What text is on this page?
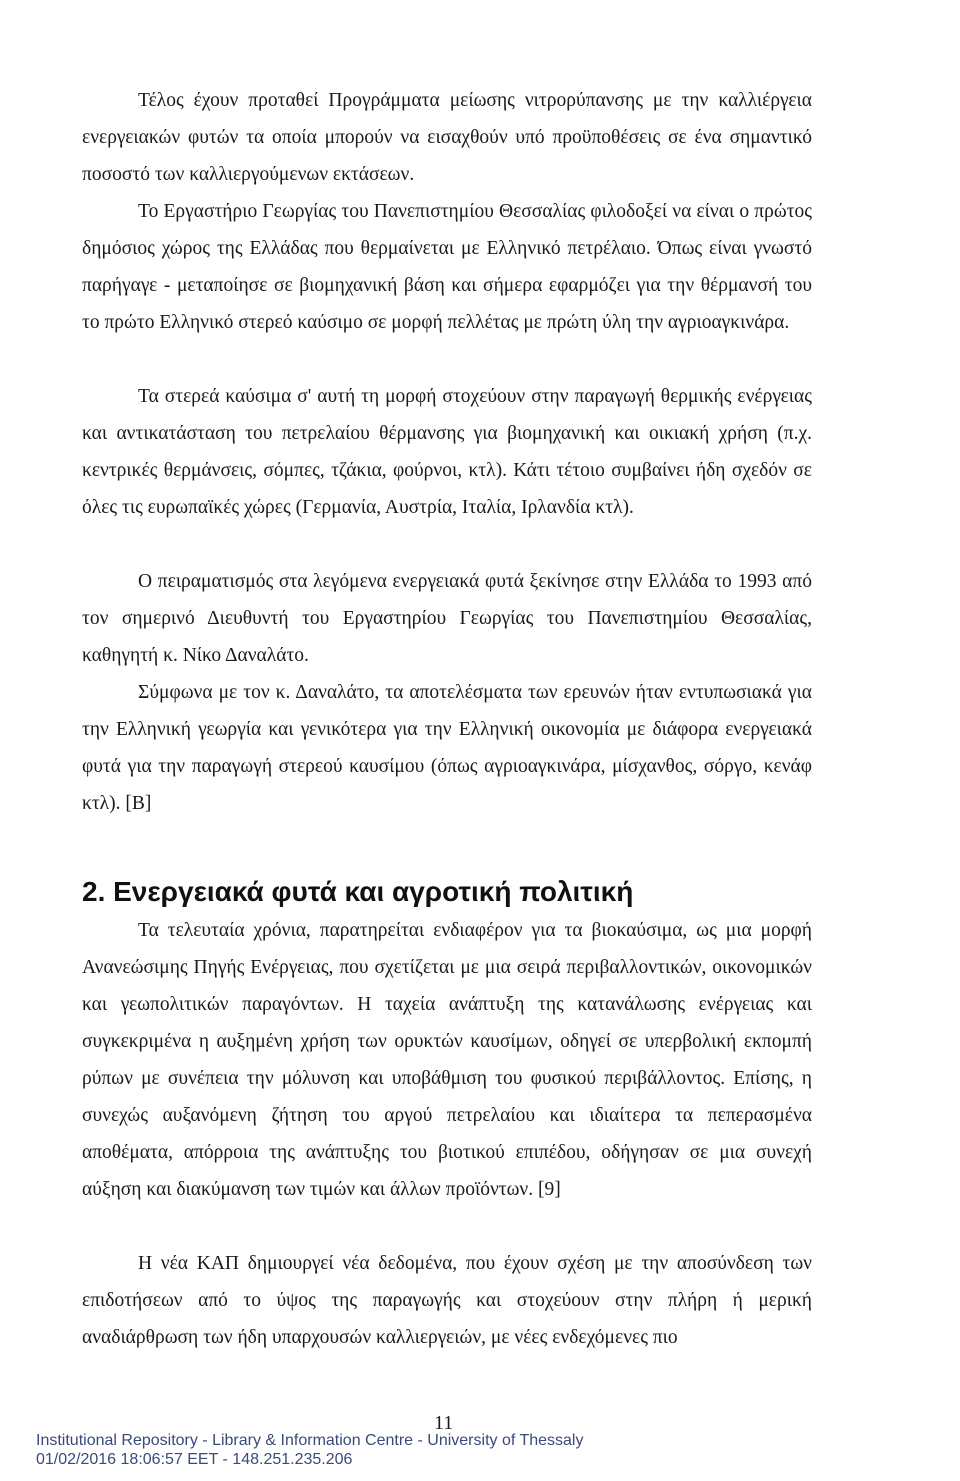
Τέλος έχουν προταθεί Προγράμματα μείωσης νιτρορύπανσης με την καλλιέργεια ενεργειακών φυτών τα οποία μπορούν να εισαχθούν υπό προϋποθέσεις σε ένα σημαντικό ποσοστό των καλλιεργούμενων εκτάσεων.

Το Εργαστήριο Γεωργίας του Πανεπιστημίου Θεσσαλίας φιλοδοξεί να είναι ο πρώτος δημόσιος χώρος της Ελλάδας που θερμαίνεται με Ελληνικό πετρέλαιο. Όπως είναι γνωστό παρήγαγε - μεταποίησε σε βιομηχανική βάση και σήμερα εφαρμόζει για την θέρμανσή του το πρώτο Ελληνικό στερεό καύσιμο σε μορφή πελλέτας με πρώτη ύλη την αγριοαγκινάρα.

Τα στερεά καύσιμα σ' αυτή τη μορφή στοχεύουν στην παραγωγή θερμικής ενέργειας και αντικατάσταση του πετρελαίου θέρμανσης για βιομηχανική και οικιακή χρήση (π.χ. κεντρικές θερμάνσεις, σόμπες, τζάκια, φούρνοι, κτλ). Κάτι τέτοιο συμβαίνει ήδη σχεδόν σε όλες τις ευρωπαϊκές χώρες (Γερμανία, Αυστρία, Ιταλία, Ιρλανδία κτλ).

Ο πειραματισμός στα λεγόμενα ενεργειακά φυτά ξεκίνησε στην Ελλάδα το 1993 από τον σημερινό Διευθυντή του Εργαστηρίου Γεωργίας του Πανεπιστημίου Θεσσαλίας, καθηγητή κ. Νίκο Δαναλάτο.

Σύμφωνα με τον κ. Δαναλάτο, τα αποτελέσματα των ερευνών ήταν εντυπωσιακά για την Ελληνική γεωργία και γενικότερα για την Ελληνική οικονομία με διάφορα ενεργειακά φυτά για την παραγωγή στερεού καυσίμου (όπως αγριοαγκινάρα, μίσχανθος, σόργο, κενάφ κτλ). [B]

2. Ενεργειακά φυτά και αγροτική πολιτική

Τα τελευταία χρόνια, παρατηρείται ενδιαφέρον για τα βιοκαύσιμα, ως μια μορφή Ανανεώσιμης Πηγής Ενέργειας, που σχετίζεται με μια σειρά περιβαλλοντικών, οικονομικών και γεωπολιτικών παραγόντων. Η ταχεία ανάπτυξη της κατανάλωσης ενέργειας και συγκεκριμένα η αυξημένη χρήση των ορυκτών καυσίμων, οδηγεί σε υπερβολική εκπομπή ρύπων με συνέπεια την μόλυνση και υποβάθμιση του φυσικού περιβάλλοντος. Επίσης, η συνεχώς αυξανόμενη ζήτηση του αργού πετρελαίου και ιδιαίτερα τα πεπερασμένα αποθέματα, απόρροια της ανάπτυξης του βιοτικού επιπέδου, οδήγησαν σε μια συνεχή αύξηση και διακύμανση των τιμών και άλλων προϊόντων. [9]

Η νέα ΚΑΠ δημιουργεί νέα δεδομένα, που έχουν σχέση με την αποσύνδεση των επιδοτήσεων από το ύψος της παραγωγής και στοχεύουν στην πλήρη ή μερική αναδιάρθρωση των ήδη υπαρχουσών καλλιεργειών, με νέες ενδεχόμενες πιο

11
Institutional Repository - Library & Information Centre - University of Thessaly
01/02/2016 18:06:57 EET - 148.251.235.206
